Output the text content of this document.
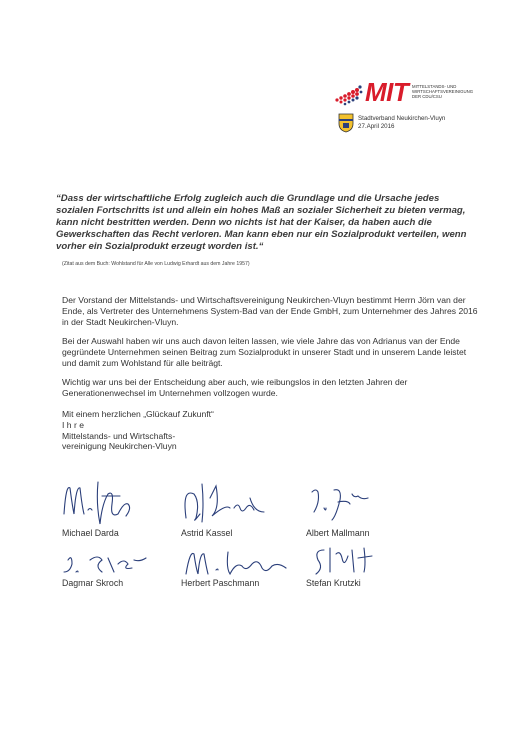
MIT MITTELSTANDS- UND
WIRTSCHAFTSVEREINIGUNG
DER CDU/CSU
Stadtverband Neukirchen-Vluyn
27.April 2016
“Dass der wirtschaftliche Erfolg zugleich auch die Grundlage und die Ursache jedes sozialen Fortschritts ist und allein ein hohes Maß an sozialer Sicherheit zu bieten vermag, kann nicht bestritten werden. Denn wo nichts ist hat der Kaiser, da haben auch die Gewerkschaften das Recht verloren. Man kann eben nur ein Sozialprodukt verteilen, wenn vorher ein Sozialprodukt erzeugt worden ist.“
(Zitat aus dem Buch: Wohlstand für Alle von Ludwig Erhardt aus dem Jahre 1957)
Der Vorstand der Mittelstands- und Wirtschaftsvereinigung Neukirchen-Vluyn bestimmt Herrn Jörn van der Ende, als Vertreter des Unternehmens System-Bad van der Ende GmbH, zum Unternehmer des Jahres 2016 in der Stadt Neukirchen-Vluyn.
Bei der Auswahl haben wir uns auch davon leiten lassen, wie viele Jahre das von Adrianus van der Ende gegründete Unternehmen seinen Beitrag zum Sozialprodukt in unserer Stadt und in unserem Lande leistet und damit zum Wohlstand für alle beiträgt.
Wichtig war uns bei der Entscheidung aber auch, wie reibungslos in den letzten Jahren der Generationenwechsel im Unternehmen vollzogen wurde.
Mit einem herzlichen „Glückauf Zukunft“
I h r e
Mittelstands- und Wirtschafts-
vereinigung Neukirchen-Vluyn
Michael Darda	Astrid Kassel	Albert Mallmann
Dagmar Skroch	Herbert Paschmann	Stefan Krutzki
